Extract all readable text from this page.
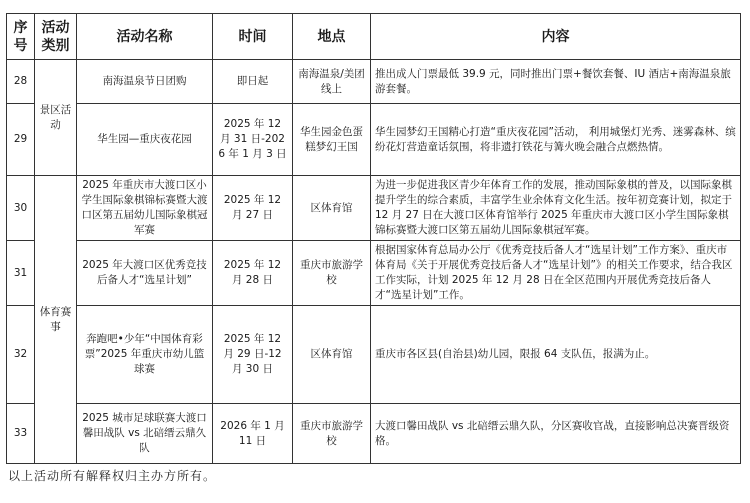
序号	活动类别	活动名称	时间	地点	内容
28	景区活动	南海温泉节日团购	即日起	南海温泉/美团线上	推出成人门票最低 39.9 元，同时推出门票+餐饮套餐、IU 酒店+南海温泉旅游套餐。
29		华生园—重庆夜花园	2025 年 12 月 31 日-2026 年 1 月 3 日	华生园金色蛋糕梦幻王国	华生园梦幻王国精心打造“重庆夜花园”活动， 利用城堡灯光秀、迷雾森林、缤纷花灯营造童话氛围，将非遗打铁花与篝火晚会融合点燃热情。
30	体育赛事	2025 年重庆市大渡口区小学生国际象棋锦标赛暨大渡口区第五届幼儿国际象棋冠军赛	2025 年 12 月 27 日	区体育馆	为进一步促进我区青少年体育工作的发展，推动国际象棋的普及，以国际象棋提升学生的综合素质，丰富学生业余体育文化生活。按年初竞赛计划，拟定于 12 月 27 日在大渡口区体育馆举行 2025 年重庆市大渡口区小学生国际象棋锦标赛暨大渡口区第五届幼儿国际象棋冠军赛。
31		2025 年大渡口区优秀竞技后备人才“选星计划”	2025 年 12 月 28 日	重庆市旅游学校	根据国家体育总局办公厅《优秀竞技后备人才“选星计划”工作方案》、重庆市体育局《关于开展优秀竞技后备人才“选星计划”》的相关工作要求，结合我区工作实际，计划 2025 年 12 月 28 日在全区范围内开展优秀竞技后备人才“选星计划”工作。
32		奔跑吧•少年“中国体育彩票”2025 年重庆市幼儿篮球赛	2025 年 12 月 29 日-12 月 30 日	区体育馆	重庆市各区县(自治县)幼儿园，限报 64 支队伍，报满为止。
33		2025 城市足球联赛大渡口馨田战队 vs 北碚缙云鼎久队	2026 年 1 月 11 日	重庆市旅游学校	大渡口馨田战队 vs 北碚缙云鼎久队，分区赛收官战，直接影响总决赛晋级资格。
以上活动所有解释权归主办方所有。
